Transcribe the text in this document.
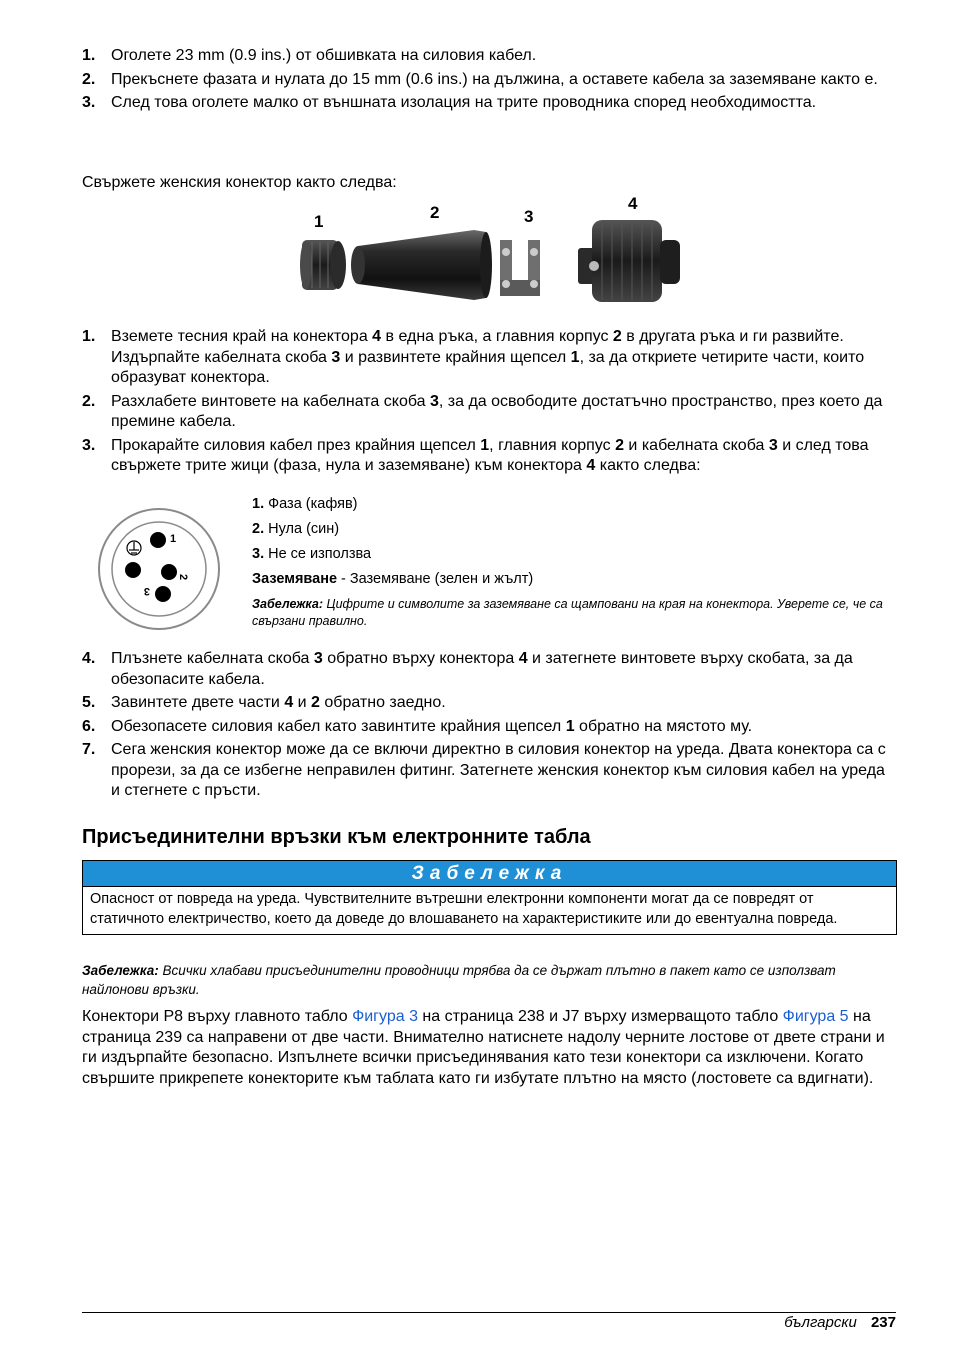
1. Оголете 23 mm (0.9 ins.) от обшивката на силовия кабел.
2. Прекъснете фазата и нулата до 15 mm (0.6 ins.) на дължина, а оставете кабела за заземяване както е.
3. След това оголете малко от външната изолация на трите проводника според необходимостта.
Свържете женския конектор както следва:
1	2	3
4
1. Вземете тесния край на конектора 4 в една ръка, а главния корпус 2 в другата ръка и ги развийте. Издърпайте кабелната скоба 3 и развинтете крайния щепсел 1, за да откриете четирите части, които образуват конектора.
2. Разхлабете винтовете на кабелната скоба 3, за да освободите достатъчно пространство, през което да премине кабела.
3. Прокарайте силовия кабел през крайния щепсел 1, главния корпус 2 и кабелната скоба 3 и след това свържете трите жици (фаза, нула и заземяване) към конектора 4 както следва:
1
2
3
1. Фаза (кафяв)
2. Нула (син)
3. Не се използва
Заземяване - Заземяване (зелен и жълт)
Забележка: Цифрите и символите за заземяване са щамповани на края на конектора. Уверете се, че са свързани правилно.
4. Плъзнете кабелната скоба 3 обратно върху конектора 4 и затегнете винтовете върху скобата, за да обезопасите кабела.
5. Завинтете двете части 4 и 2 обратно заедно.
6. Обезопасете силовия кабел като завинтите крайния щепсел 1 обратно на мястото му.
7. Сега женския конектор може да се включи директно в силовия конектор на уреда. Двата конектора са с прорези, за да се избегне неправилен фитинг. Затегнете женския конектор към силовия кабел на уреда и стегнете с пръсти.
Присъединителни връзки към електронните табла
Забележка
Опасност от повреда на уреда. Чувствителните вътрешни електронни компоненти могат да се повредят от статичното електричество, което да доведе до влошаването на характеристиките или до евентуална повреда.
Забележка: Всички хлабави присъединителни проводници трябва да се държат плътно в пакет като се използват найлонови връзки.
Конектори P8 върху главното табло Фигура 3 на страница 238 и J7 върху измерващото табло Фигура 5 на страница 239 са направени от две части. Внимателно натиснете надолу черните лостове от двете страни и ги издърпайте безопасно. Изпълнете всички присъединявания като тези конектори са изключени. Когато свършите прикрепете конекторите към таблата като ги избутате плътно на място (лостовете са вдигнати).
български 237
